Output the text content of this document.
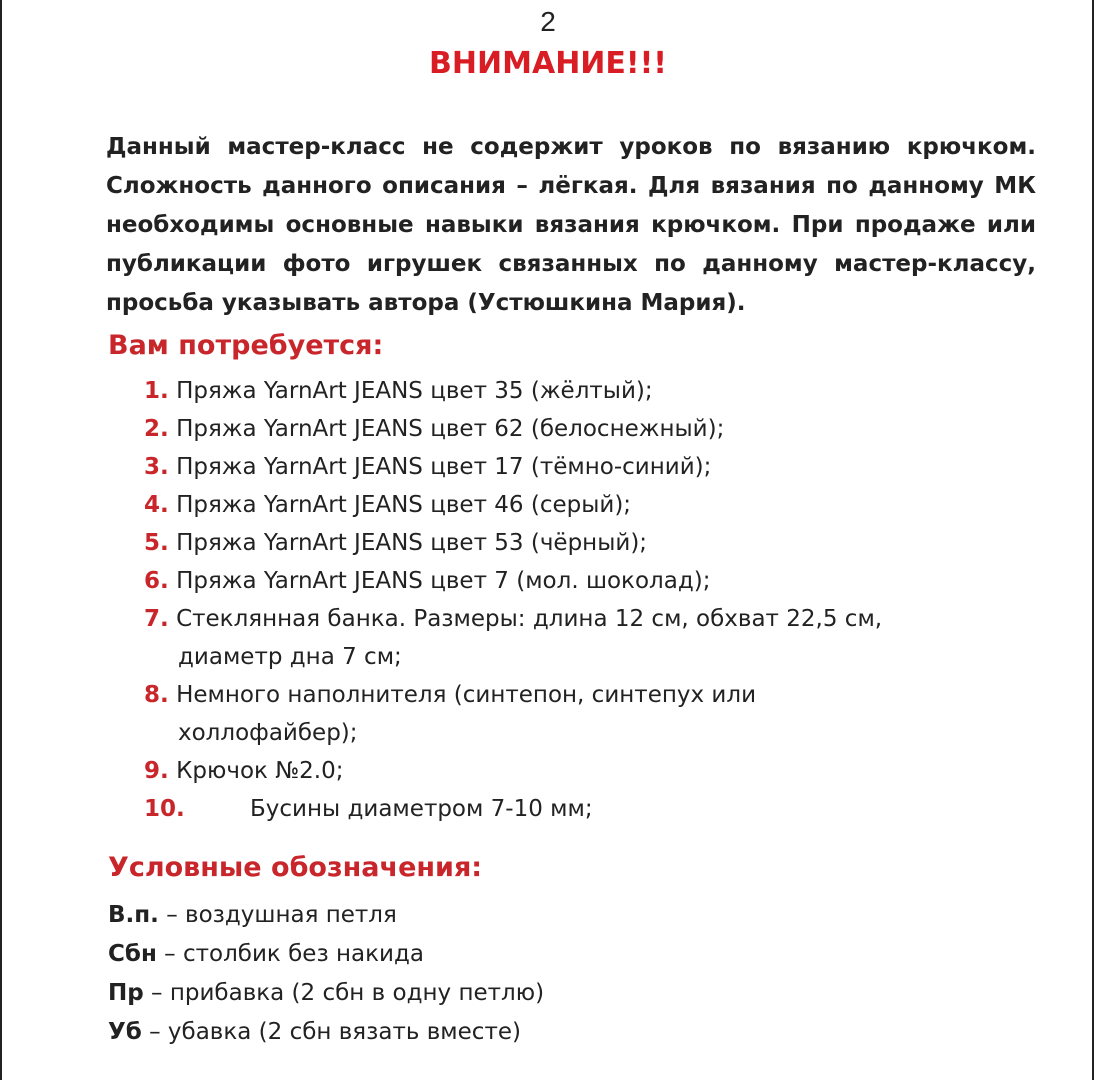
2
ВНИМАНИЕ!!!

Данный мастер-класс не содержит уроков по вязанию крючком. Сложность данного описания – лёгкая. Для вязания по данному МК необходимы основные навыки вязания крючком. При продаже или публикации фото игрушек связанных по данному мастер-классу, просьба указывать автора (Устюшкина Мария).

Вам потребуется:
1. Пряжа YarnArt JEANS цвет 35 (жёлтый);
2. Пряжа YarnArt JEANS цвет 62 (белоснежный);
3. Пряжа YarnArt JEANS цвет 17 (тёмно-синий);
4. Пряжа YarnArt JEANS цвет 46 (серый);
5. Пряжа YarnArt JEANS цвет 53 (чёрный);
6. Пряжа YarnArt JEANS цвет 7 (мол. шоколад);
7. Стеклянная банка. Размеры: длина 12 см, обхват 22,5 см,
диаметр дна 7 см;
8. Немного наполнителя (синтепон, синтепух или
холлофайбер);
9. Крючок №2.0;
10.	Бусины диаметром 7-10 мм;
Условные обозначения:
В.п. – воздушная петля
Сбн – столбик без накида
Пр – прибавка (2 сбн в одну петлю)
Уб – убавка (2 сбн вязать вместе)
